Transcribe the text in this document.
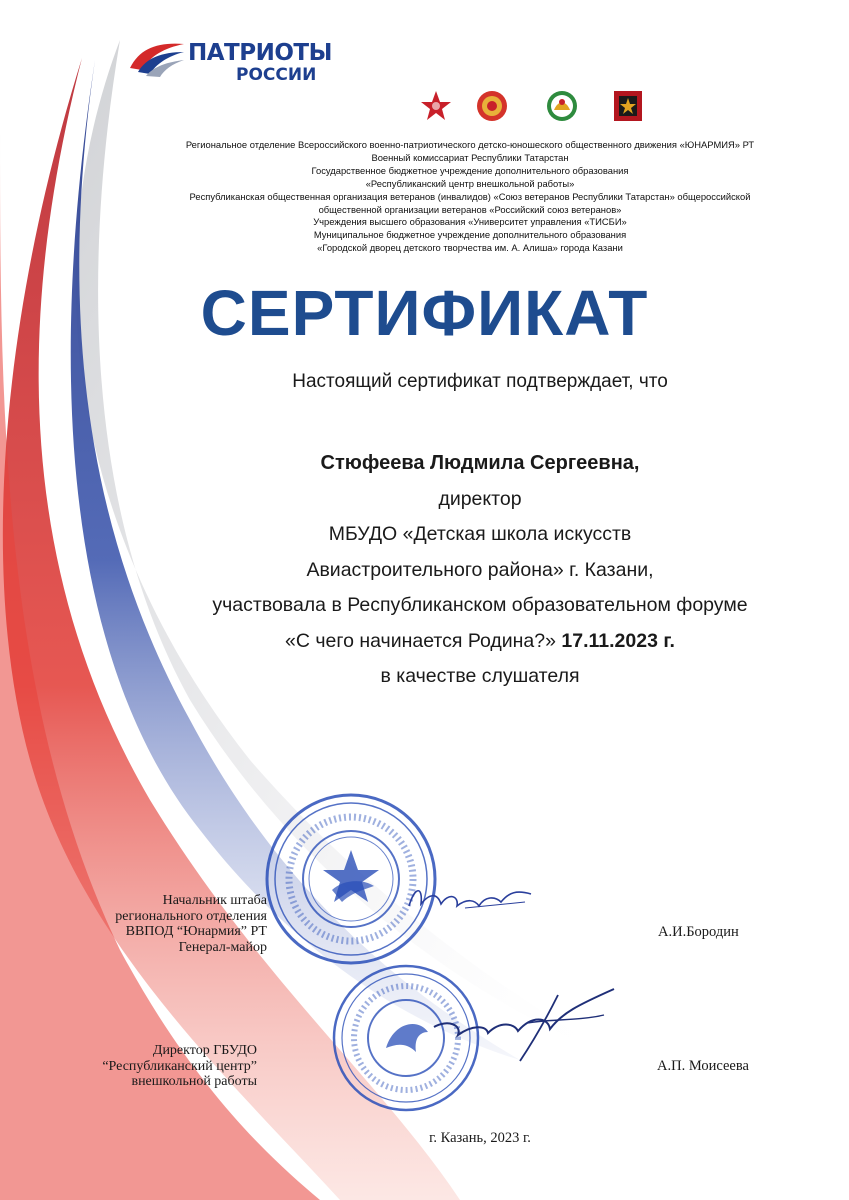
ПАТРИОТЫ
РОССИИ
Региональное отделение Всероссийского военно-патриотического детско-юношеского общественного движения «ЮНАРМИЯ» РТ
Военный комиссариат Республики Татарстан
Государственное бюджетное учреждение дополнительного образования
«Республиканский центр внешкольной работы»
Республиканская общественная организация ветеранов (инвалидов) «Союз ветеранов Республики Татарстан» общероссийской
общественной организации ветеранов «Российский союз ветеранов»
Учреждения высшего образования «Университет управления «ТИСБИ»
Муниципальное бюджетное учреждение дополнительного образования
«Городской дворец детского творчества им. А. Алиша» города Казани
СЕРТИФИКАТ
Настоящий сертификат подтверждает, что
Стюфеева Людмила Сергеевна,
директор
МБУДО «Детская школа искусств
Авиастроительного района» г. Казани,
участвовала в Республиканском образовательном форуме
«С чего начинается Родина?» 17.11.2023 г.
в качестве слушателя
Начальник штаба
регионального отделения
ВВПОД “Юнармия” РТ
Генерал-майор
А.И.Бородин
Директор ГБУДО
“Республиканский центр”
внешкольной работы
А.П. Моисеева
г. Казань, 2023 г.
